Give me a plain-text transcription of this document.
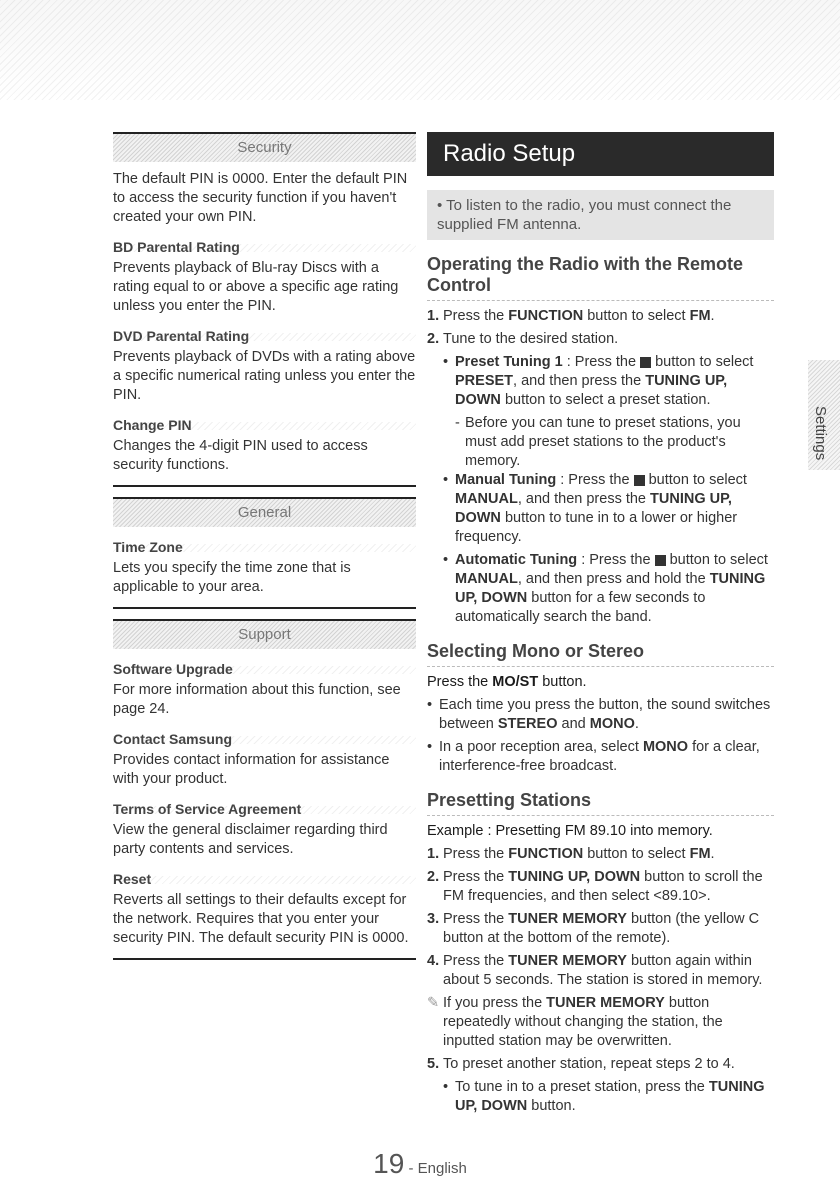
Security

The default PIN is 0000. Enter the default PIN to access the security function if you haven't created your own PIN.

BD Parental Rating

Prevents playback of Blu-ray Discs with a rating equal to or above a specific age rating unless you enter the PIN.

DVD Parental Rating

Prevents playback of DVDs with a rating above a specific numerical rating unless you enter the PIN.

Change PIN

Changes the 4-digit PIN used to access security functions.

General
Time Zone

Lets you specify the time zone that is applicable to your area.

Support
Software Upgrade

For more information about this function, see page 24.

Contact Samsung

Provides contact information for assistance with your product.

Terms of Service Agreement

View the general disclaimer regarding third party contents and services.

Reset

Reverts all settings to their defaults except for the network. Requires that you enter your security PIN. The default security PIN is 0000.

Radio Setup
• To listen to the radio, you must connect the supplied FM antenna.
Operating the Radio with the Remote Control
1. Press the FUNCTION button to select FM.
2. Tune to the desired station.
• Preset Tuning 1 : Press the  button to select PRESET, and then press the TUNING UP, DOWN button to select a preset station.
- Before you can tune to preset stations, you must add preset stations to the product's memory.
• Manual Tuning : Press the  button to select MANUAL, and then press the TUNING UP, DOWN button to tune in to a lower or higher frequency.
• Automatic Tuning : Press the  button to select MANUAL, and then press and hold the TUNING UP, DOWN button for a few seconds to automatically search the band.
Selecting Mono or Stereo
Press the MO/ST button.
• Each time you press the button, the sound switches between STEREO and MONO.
• In a poor reception area, select MONO for a clear, interference-free broadcast.
Presetting Stations
Example : Presetting FM 89.10 into memory.
1. Press the FUNCTION button to select FM.
2. Press the TUNING UP, DOWN button to scroll the FM frequencies, and then select <89.10>.
3. Press the TUNER MEMORY button (the yellow C button at the bottom of the remote).
4. Press the TUNER MEMORY button again within about 5 seconds. The station is stored in memory.
✎ If you press the TUNER MEMORY button repeatedly without changing the station, the inputted station may be overwritten.
5. To preset another station, repeat steps 2 to 4.
• To tune in to a preset station, press the TUNING UP, DOWN button.
Settings
19 - English
